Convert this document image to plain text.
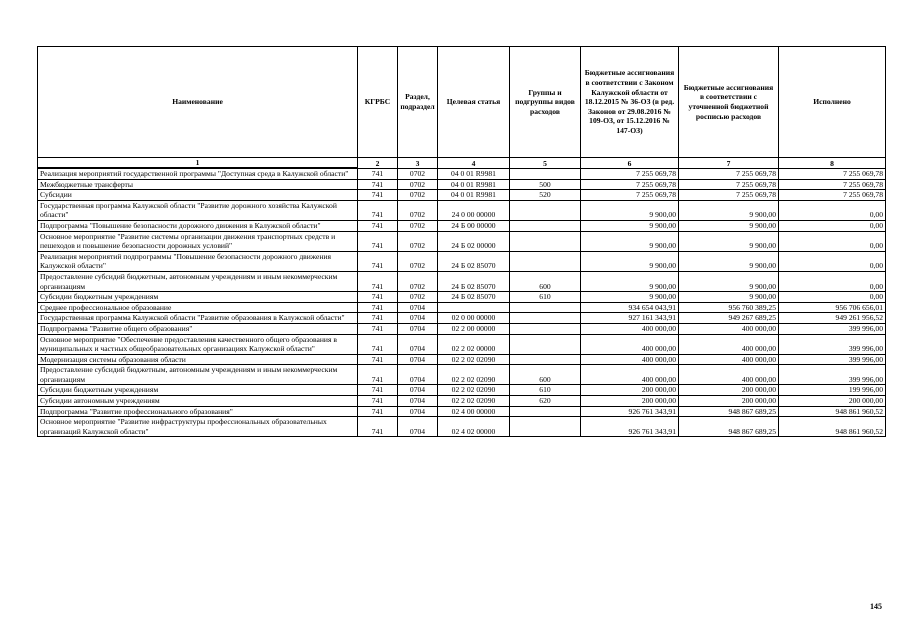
Наименование	КГРБС	Раздел, подраздел	Целевая статья	Группы и подгруппы видов расходов	Бюджетные ассигнования в соответствии с Законом Калужской области от 18.12.2015 № 36-ОЗ (в ред. Законов от 29.08.2016 № 109-ОЗ, от 15.12.2016 № 147-ОЗ)	Бюджетные ассигнования в соответствии с уточненной бюджетной росписью расходов	Исполнено
1	2	3	4	5	6	7	8
Реализация мероприятий государственной программы "Доступная среда в Калужской области"	741	0702	04 0 01 R9981		7 255 069,78	7 255 069,78	7 255 069,78
Межбюджетные трансферты	741	0702	04 0 01 R9981	500	7 255 069,78	7 255 069,78	7 255 069,78
Субсидии	741	0702	04 0 01 R9981	520	7 255 069,78	7 255 069,78	7 255 069,78
Государственная программа Калужской области "Развитие дорожного хозяйства Калужской области"	741	0702	24 0 00 00000		9 900,00	9 900,00	0,00
Подпрограмма "Повышение безопасности дорожного движения в Калужской области"	741	0702	24 Б 00 00000		9 900,00	9 900,00	0,00
Основное мероприятие "Развитие системы организации движения транспортных средств и пешеходов и повышение безопасности дорожных условий"	741	0702	24 Б 02 00000		9 900,00	9 900,00	0,00
Реализация мероприятий подпрограммы "Повышение безопасности дорожного движения Калужской области"	741	0702	24 Б 02 85070		9 900,00	9 900,00	0,00
Предоставление субсидий бюджетным, автономным учреждениям и иным некоммерческим организациям	741	0702	24 Б 02 85070	600	9 900,00	9 900,00	0,00
Субсидии бюджетным учреждениям	741	0702	24 Б 02 85070	610	9 900,00	9 900,00	0,00
Среднее профессиональное образование	741	0704			934 654 043,91	956 760 389,25	956 706 656,01
Государственная программа Калужской области "Развитие образования в Калужской области"	741	0704	02 0 00 00000		927 161 343,91	949 267 689,25	949 261 956,52
Подпрограмма "Развитие общего образования"	741	0704	02 2 00 00000		400 000,00	400 000,00	399 996,00
Основное мероприятие "Обеспечение предоставления качественного общего образования в муниципальных и частных общеобразовательных организациях Калужской области"	741	0704	02 2 02 00000		400 000,00	400 000,00	399 996,00
Модернизация системы образования области	741	0704	02 2 02 02090		400 000,00	400 000,00	399 996,00
Предоставление субсидий бюджетным, автономным учреждениям и иным некоммерческим организациям	741	0704	02 2 02 02090	600	400 000,00	400 000,00	399 996,00
Субсидии бюджетным учреждениям	741	0704	02 2 02 02090	610	200 000,00	200 000,00	199 996,00
Субсидии автономным учреждениям	741	0704	02 2 02 02090	620	200 000,00	200 000,00	200 000,00
Подпрограмма "Развитие профессионального образования"	741	0704	02 4 00 00000		926 761 343,91	948 867 689,25	948 861 960,52
Основное мероприятие "Развитие инфраструктуры профессиональных образовательных организаций Калужской области"	741	0704	02 4 02 00000		926 761 343,91	948 867 689,25	948 861 960,52
145
